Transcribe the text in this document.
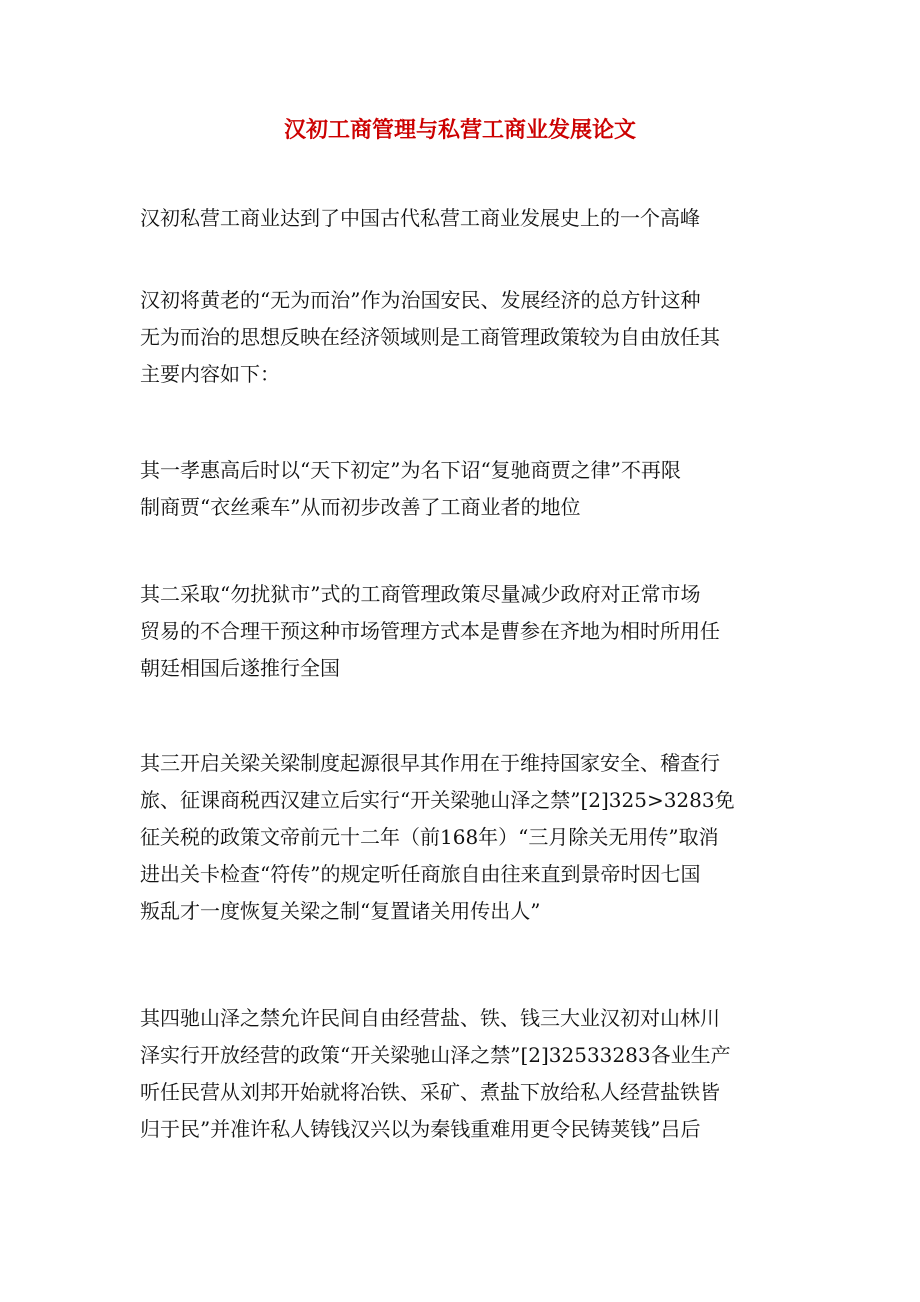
汉初工商管理与私营工商业发展论文
汉初私营工商业达到了中国古代私营工商业发展史上的一个高峰
汉初将黄老的“无为而治”作为治国安民、发展经济的总方针这种
无为而治的思想反映在经济领域则是工商管理政策较为自由放任其
主要内容如下：
其一孝惠高后时以“天下初定”为名下诏“复驰商贾之律”不再限
制商贾“衣丝乘车”从而初步改善了工商业者的地位
其二采取“勿扰狱市”式的工商管理政策尽量减少政府对正常市场
贸易的不合理干预这种市场管理方式本是曹参在齐地为相时所用任
朝廷相国后遂推行全国
其三开启关梁关梁制度起源很早其作用在于维持国家安全、稽查行
旅、征课商税西汉建立后实行“开关梁驰山泽之禁”[2]325>3283免
征关税的政策文帝前元十二年（前168年）“三月除关无用传”取消
进出关卡检查“符传”的规定听任商旅自由往来直到景帝时因七国
叛乱才一度恢复关梁之制“复置诸关用传出人”
其四驰山泽之禁允许民间自由经营盐、铁、钱三大业汉初对山林川
泽实行开放经营的政策“开关梁驰山泽之禁”[2]32533283各业生产
听任民营从刘邦开始就将冶铁、采矿、煮盐下放给私人经营盐铁皆
归于民”并准许私人铸钱汉兴以为秦钱重难用更令民铸荚钱”吕后
